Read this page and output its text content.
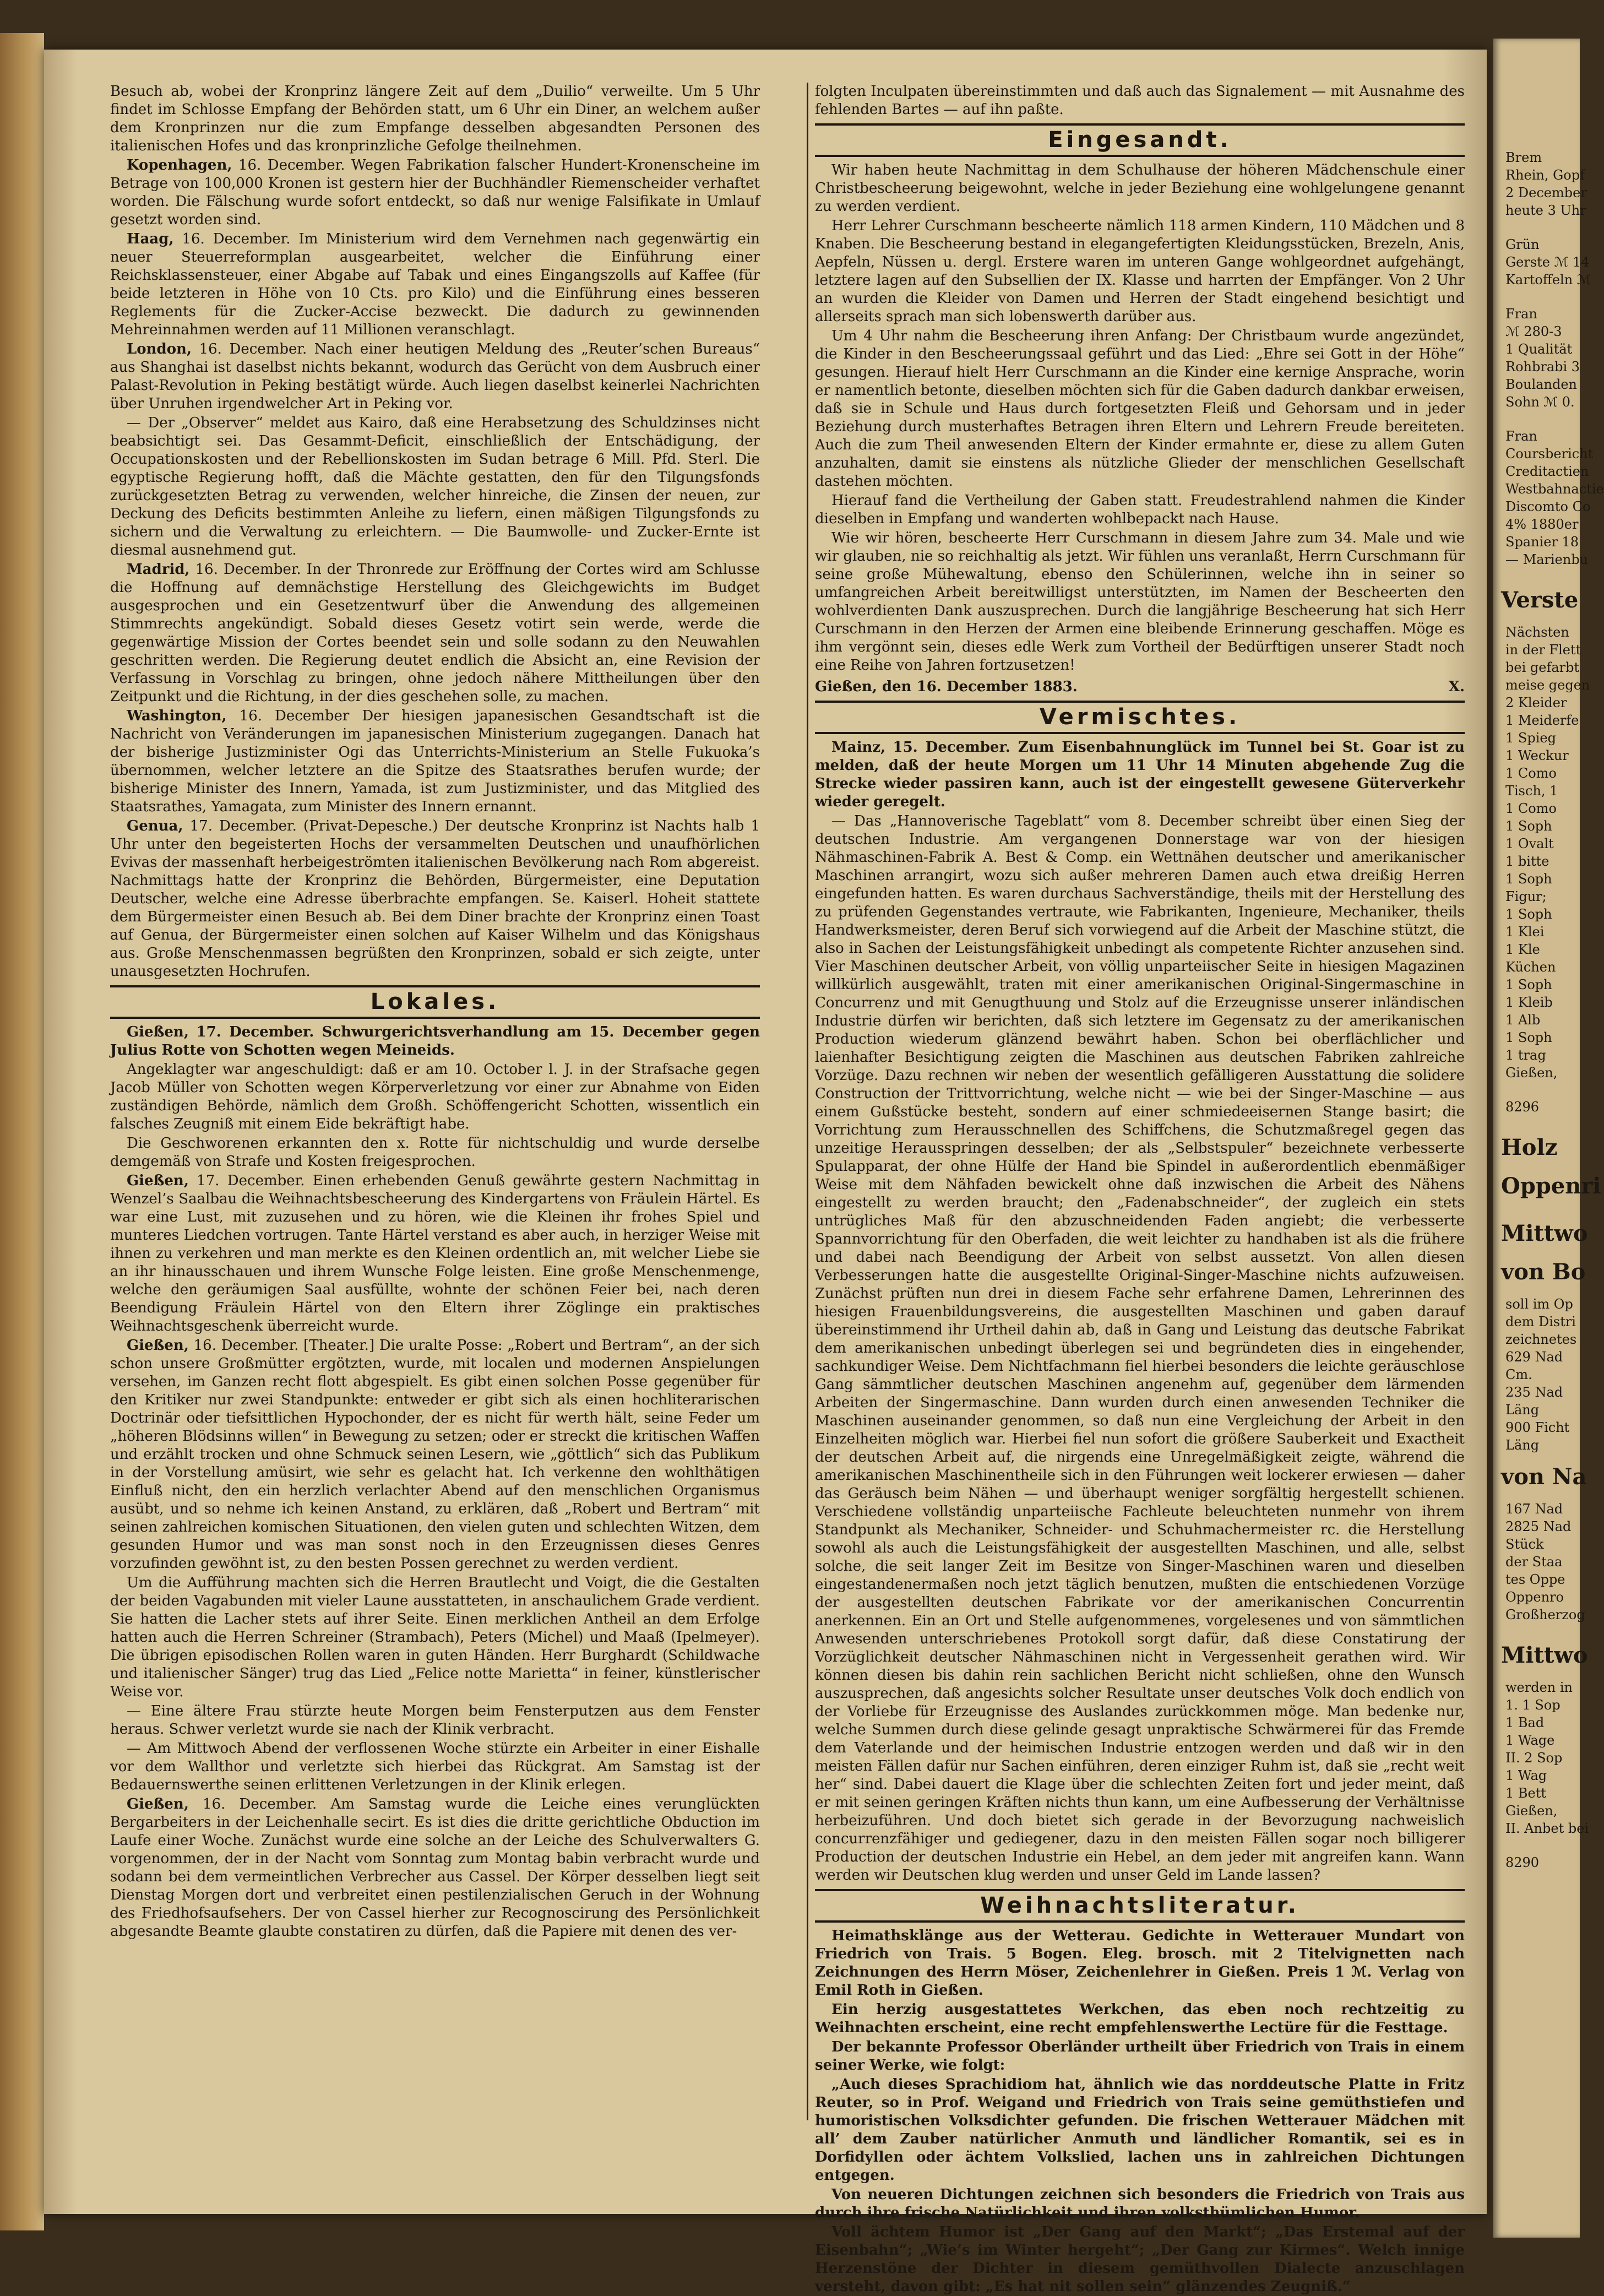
Besuch ab, wobei der Kronprinz längere Zeit auf dem „Duilio“ verweilte. Um 5 Uhr findet im Schlosse Empfang der Behörden statt, um 6 Uhr ein Diner, an welchem außer dem Kronprinzen nur die zum Empfange desselben abgesandten Personen des italienischen Hofes und das kronprinzliche Gefolge theilnehmen.

Kopenhagen, 16. December. Wegen Fabrikation falscher Hundert-Kronenscheine im Betrage von 100,000 Kronen ist gestern hier der Buchhändler Riemenscheider verhaftet worden. Die Fälschung wurde sofort entdeckt, so daß nur wenige Falsifikate in Umlauf gesetzt worden sind.

Haag, 16. December. Im Ministerium wird dem Vernehmen nach gegenwärtig ein neuer Steuerreformplan ausgearbeitet, welcher die Einführung einer Reichsklassensteuer, einer Abgabe auf Tabak und eines Eingangszolls auf Kaffee (für beide letzteren in Höhe von 10 Cts. pro Kilo) und die Einführung eines besseren Reglements für die Zucker-Accise bezweckt. Die dadurch zu gewinnenden Mehreinnahmen werden auf 11 Millionen veranschlagt.

London, 16. December. Nach einer heutigen Meldung des „Reuter’schen Bureaus“ aus Shanghai ist daselbst nichts bekannt, wodurch das Gerücht von dem Ausbruch einer Palast-Revolution in Peking bestätigt würde. Auch liegen daselbst keinerlei Nachrichten über Unruhen irgendwelcher Art in Peking vor.

— Der „Observer“ meldet aus Kairo, daß eine Herabsetzung des Schuldzinses nicht beabsichtigt sei. Das Gesammt-Deficit, einschließlich der Entschädigung, der Occupationskosten und der Rebellionskosten im Sudan betrage 6 Mill. Pfd. Sterl. Die egyptische Regierung hofft, daß die Mächte gestatten, den für den Tilgungsfonds zurückgesetzten Betrag zu verwenden, welcher hinreiche, die Zinsen der neuen, zur Deckung des Deficits bestimmten Anleihe zu liefern, einen mäßigen Tilgungsfonds zu sichern und die Verwaltung zu erleichtern. — Die Baumwolle- und Zucker-Ernte ist diesmal ausnehmend gut.

Madrid, 16. December. In der Thronrede zur Eröffnung der Cortes wird am Schlusse die Hoffnung auf demnächstige Herstellung des Gleichgewichts im Budget ausgesprochen und ein Gesetzentwurf über die Anwendung des allgemeinen Stimmrechts angekündigt. Sobald dieses Gesetz votirt sein werde, werde die gegenwärtige Mission der Cortes beendet sein und solle sodann zu den Neuwahlen geschritten werden. Die Regierung deutet endlich die Absicht an, eine Revision der Verfassung in Vorschlag zu bringen, ohne jedoch nähere Mittheilungen über den Zeitpunkt und die Richtung, in der dies geschehen solle, zu machen.

Washington, 16. December Der hiesigen japanesischen Gesandtschaft ist die Nachricht von Veränderungen im japanesischen Ministerium zugegangen. Danach hat der bisherige Justizminister Ogi das Unterrichts-Ministerium an Stelle Fukuoka’s übernommen, welcher letztere an die Spitze des Staatsrathes berufen wurde; der bisherige Minister des Innern, Yamada, ist zum Justizminister, und das Mitglied des Staatsrathes, Yamagata, zum Minister des Innern ernannt.

Genua, 17. December. (Privat-Depesche.) Der deutsche Kronprinz ist Nachts halb 1 Uhr unter den begeisterten Hochs der versammelten Deutschen und unaufhörlichen Evivas der massenhaft herbeigeströmten italienischen Bevölkerung nach Rom abgereist. Nachmittags hatte der Kronprinz die Behörden, Bürgermeister, eine Deputation Deutscher, welche eine Adresse überbrachte empfangen. Se. Kaiserl. Hoheit stattete dem Bürgermeister einen Besuch ab. Bei dem Diner brachte der Kronprinz einen Toast auf Genua, der Bürgermeister einen solchen auf Kaiser Wilhelm und das Königshaus aus. Große Menschenmassen begrüßten den Kronprinzen, sobald er sich zeigte, unter unausgesetzten Hochrufen.

Lokales.

Gießen, 17. December. Schwurgerichtsverhandlung am 15. December gegen Julius Rotte von Schotten wegen Meineids.

Angeklagter war angeschuldigt: daß er am 10. October l. J. in der Strafsache gegen Jacob Müller von Schotten wegen Körperverletzung vor einer zur Abnahme von Eiden zuständigen Behörde, nämlich dem Großh. Schöffengericht Schotten, wissentlich ein falsches Zeugniß mit einem Eide bekräftigt habe.

Die Geschworenen erkannten den x. Rotte für nichtschuldig und wurde derselbe demgemäß von Strafe und Kosten freigesprochen.

Gießen, 17. December. Einen erhebenden Genuß gewährte gestern Nachmittag in Wenzel’s Saalbau die Weihnachtsbescheerung des Kindergartens von Fräulein Härtel. Es war eine Lust, mit zuzusehen und zu hören, wie die Kleinen ihr frohes Spiel und munteres Liedchen vortrugen. Tante Härtel verstand es aber auch, in herziger Weise mit ihnen zu verkehren und man merkte es den Kleinen ordentlich an, mit welcher Liebe sie an ihr hinausschauen und ihrem Wunsche Folge leisten. Eine große Menschenmenge, welche den geräumigen Saal ausfüllte, wohnte der schönen Feier bei, nach deren Beendigung Fräulein Härtel von den Eltern ihrer Zöglinge ein praktisches Weihnachtsgeschenk überreicht wurde.

Gießen, 16. December. [Theater.] Die uralte Posse: „Robert und Bertram“, an der sich schon unsere Großmütter ergötzten, wurde, mit localen und modernen Anspielungen versehen, im Ganzen recht flott abgespielt. Es gibt einen solchen Posse gegenüber für den Kritiker nur zwei Standpunkte: entweder er gibt sich als einen hochliterarischen Doctrinär oder tiefsittlichen Hypochonder, der es nicht für werth hält, seine Feder um „höheren Blödsinns willen“ in Bewegung zu setzen; oder er streckt die kritischen Waffen und erzählt trocken und ohne Schmuck seinen Lesern, wie „göttlich“ sich das Publikum in der Vorstellung amüsirt, wie sehr es gelacht hat. Ich verkenne den wohlthätigen Einfluß nicht, den ein herzlich verlachter Abend auf den menschlichen Organismus ausübt, und so nehme ich keinen Anstand, zu erklären, daß „Robert und Bertram“ mit seinen zahlreichen komischen Situationen, den vielen guten und schlechten Witzen, dem gesunden Humor und was man sonst noch in den Erzeugnissen dieses Genres vorzufinden gewöhnt ist, zu den besten Possen gerechnet zu werden verdient.

Um die Aufführung machten sich die Herren Brautlecht und Voigt, die die Gestalten der beiden Vagabunden mit vieler Laune ausstatteten, in anschaulichem Grade verdient. Sie hatten die Lacher stets auf ihrer Seite. Einen merklichen Antheil an dem Erfolge hatten auch die Herren Schreiner (Strambach), Peters (Michel) und Maaß (Ipelmeyer). Die übrigen episodischen Rollen waren in guten Händen. Herr Burghardt (Schildwache und italienischer Sänger) trug das Lied „Felice notte Marietta“ in feiner, künstlerischer Weise vor.

— Eine ältere Frau stürzte heute Morgen beim Fensterputzen aus dem Fenster heraus. Schwer verletzt wurde sie nach der Klinik verbracht.

— Am Mittwoch Abend der verflossenen Woche stürzte ein Arbeiter in einer Eishalle vor dem Wallthor und verletzte sich hierbei das Rückgrat. Am Samstag ist der Bedauernswerthe seinen erlittenen Verletzungen in der Klinik erlegen.

Gießen, 16. December. Am Samstag wurde die Leiche eines verunglückten Bergarbeiters in der Leichenhalle secirt. Es ist dies die dritte gerichtliche Obduction im Laufe einer Woche. Zunächst wurde eine solche an der Leiche des Schulverwalters G. vorgenommen, der in der Nacht vom Sonntag zum Montag babin verbracht wurde und sodann bei dem vermeintlichen Verbrecher aus Cassel. Der Körper desselben liegt seit Dienstag Morgen dort und verbreitet einen pestilenzialischen Geruch in der Wohnung des Friedhofsaufsehers. Der von Cassel hierher zur Recognoscirung des Persönlichkeit abgesandte Beamte glaubte constatiren zu dürfen, daß die Papiere mit denen des ver-

folgten Inculpaten übereinstimmten und daß auch das Signalement — mit Ausnahme des fehlenden Bartes — auf ihn paßte.

Eingesandt.

Wir haben heute Nachmittag in dem Schulhause der höheren Mädchenschule einer Christbescheerung beigewohnt, welche in jeder Beziehung eine wohlgelungene genannt zu werden verdient.

Herr Lehrer Curschmann bescheerte nämlich 118 armen Kindern, 110 Mädchen und 8 Knaben. Die Bescheerung bestand in elegangefertigten Kleidungsstücken, Brezeln, Anis, Aepfeln, Nüssen u. dergl. Erstere waren im unteren Gange wohlgeordnet aufgehängt, letztere lagen auf den Subsellien der IX. Klasse und harrten der Empfänger. Von 2 Uhr an wurden die Kleider von Damen und Herren der Stadt eingehend besichtigt und allerseits sprach man sich lobenswerth darüber aus.

Um 4 Uhr nahm die Bescheerung ihren Anfang: Der Christbaum wurde angezündet, die Kinder in den Bescheerungssaal geführt und das Lied: „Ehre sei Gott in der Höhe“ gesungen. Hierauf hielt Herr Curschmann an die Kinder eine kernige Ansprache, worin er namentlich betonte, dieselben möchten sich für die Gaben dadurch dankbar erweisen, daß sie in Schule und Haus durch fortgesetzten Fleiß und Gehorsam und in jeder Beziehung durch musterhaftes Betragen ihren Eltern und Lehrern Freude bereiteten. Auch die zum Theil anwesenden Eltern der Kinder ermahnte er, diese zu allem Guten anzuhalten, damit sie einstens als nützliche Glieder der menschlichen Gesellschaft dastehen möchten.

Hierauf fand die Vertheilung der Gaben statt. Freudestrahlend nahmen die Kinder dieselben in Empfang und wanderten wohlbepackt nach Hause.

Wie wir hören, bescheerte Herr Curschmann in diesem Jahre zum 34. Male und wie wir glauben, nie so reichhaltig als jetzt. Wir fühlen uns veranlaßt, Herrn Curschmann für seine große Mühewaltung, ebenso den Schülerinnen, welche ihn in seiner so umfangreichen Arbeit bereitwilligst unterstützten, im Namen der Bescheerten den wohlverdienten Dank auszusprechen. Durch die langjährige Bescheerung hat sich Herr Curschmann in den Herzen der Armen eine bleibende Erinnerung geschaffen. Möge es ihm vergönnt sein, dieses edle Werk zum Vortheil der Bedürftigen unserer Stadt noch eine Reihe von Jahren fortzusetzen!

Gießen, den 16. December 1883.	X.
Vermischtes.

Mainz, 15. December. Zum Eisenbahnunglück im Tunnel bei St. Goar ist zu melden, daß der heute Morgen um 11 Uhr 14 Minuten abgehende Zug die Strecke wieder passiren kann, auch ist der eingestellt gewesene Güterverkehr wieder geregelt.

— Das „Hannoverische Tageblatt“ vom 8. December schreibt über einen Sieg der deutschen Industrie. Am vergangenen Donnerstage war von der hiesigen Nähmaschinen-Fabrik A. Best & Comp. ein Wettnähen deutscher und amerikanischer Maschinen arrangirt, wozu sich außer mehreren Damen auch etwa dreißig Herren eingefunden hatten. Es waren durchaus Sachverständige, theils mit der Herstellung des zu prüfenden Gegenstandes vertraute, wie Fabrikanten, Ingenieure, Mechaniker, theils Handwerksmeister, deren Beruf sich vorwiegend auf die Arbeit der Maschine stützt, die also in Sachen der Leistungsfähigkeit unbedingt als competente Richter anzusehen sind. Vier Maschinen deutscher Arbeit, von völlig unparteiischer Seite in hiesigen Magazinen willkürlich ausgewählt, traten mit einer amerikanischen Original-Singermaschine in Concurrenz und mit Genugthuung und Stolz auf die Erzeugnisse unserer inländischen Industrie dürfen wir berichten, daß sich letztere im Gegensatz zu der amerikanischen Production wiederum glänzend bewährt haben. Schon bei oberflächlicher und laienhafter Besichtigung zeigten die Maschinen aus deutschen Fabriken zahlreiche Vorzüge. Dazu rechnen wir neben der wesentlich gefälligeren Ausstattung die solidere Construction der Trittvorrichtung, welche nicht — wie bei der Singer-Maschine — aus einem Gußstücke besteht, sondern auf einer schmiedeeisernen Stange basirt; die Vorrichtung zum Herausschnellen des Schiffchens, die Schutzmaßregel gegen das unzeitige Herausspringen desselben; der als „Selbstspuler“ bezeichnete verbesserte Spulapparat, der ohne Hülfe der Hand bie Spindel in außerordentlich ebenmäßiger Weise mit dem Nähfaden bewickelt ohne daß inzwischen die Arbeit des Nähens eingestellt zu werden braucht; den „Fadenabschneider“, der zugleich ein stets untrügliches Maß für den abzuschneidenden Faden angiebt; die verbesserte Spannvorrichtung für den Oberfaden, die weit leichter zu handhaben ist als die frühere und dabei nach Beendigung der Arbeit von selbst aussetzt. Von allen diesen Verbesserungen hatte die ausgestellte Original-Singer-Maschine nichts aufzuweisen. Zunächst prüften nun drei in diesem Fache sehr erfahrene Damen, Lehrerinnen des hiesigen Frauenbildungsvereins, die ausgestellten Maschinen und gaben darauf übereinstimmend ihr Urtheil dahin ab, daß in Gang und Leistung das deutsche Fabrikat dem amerikanischen unbedingt überlegen sei und begründeten dies in eingehender, sachkundiger Weise. Dem Nichtfachmann fiel hierbei besonders die leichte geräuschlose Gang sämmtlicher deutschen Maschinen angenehm auf, gegenüber dem lärmenden Arbeiten der Singermaschine. Dann wurden durch einen anwesenden Techniker die Maschinen auseinander genommen, so daß nun eine Vergleichung der Arbeit in den Einzelheiten möglich war. Hierbei fiel nun sofort die größere Sauberkeit und Exactheit der deutschen Arbeit auf, die nirgends eine Unregelmäßigkeit zeigte, während die amerikanischen Maschinentheile sich in den Führungen weit lockerer erwiesen — daher das Geräusch beim Nähen — und überhaupt weniger sorgfältig hergestellt schienen. Verschiedene vollständig unparteiische Fachleute beleuchteten nunmehr von ihrem Standpunkt als Mechaniker, Schneider- und Schuhmachermeister rc. die Herstellung sowohl als auch die Leistungsfähigkeit der ausgestellten Maschinen, und alle, selbst solche, die seit langer Zeit im Besitze von Singer-Maschinen waren und dieselben eingestandenermaßen noch jetzt täglich benutzen, mußten die entschiedenen Vorzüge der ausgestellten deutschen Fabrikate vor der amerikanischen Concurrentin anerkennen. Ein an Ort und Stelle aufgenommenes, vorgelesenes und von sämmtlichen Anwesenden unterschriebenes Protokoll sorgt dafür, daß diese Constatirung der Vorzüglichkeit deutscher Nähmaschinen nicht in Vergessenheit gerathen wird. Wir können diesen bis dahin rein sachlichen Bericht nicht schließen, ohne den Wunsch auszusprechen, daß angesichts solcher Resultate unser deutsches Volk doch endlich von der Vorliebe für Erzeugnisse des Auslandes zurückkommen möge. Man bedenke nur, welche Summen durch diese gelinde gesagt unpraktische Schwärmerei für das Fremde dem Vaterlande und der heimischen Industrie entzogen werden und daß wir in den meisten Fällen dafür nur Sachen einführen, deren einziger Ruhm ist, daß sie „recht weit her“ sind. Dabei dauert die Klage über die schlechten Zeiten fort und jeder meint, daß er mit seinen geringen Kräften nichts thun kann, um eine Aufbesserung der Verhältnisse herbeizuführen. Und doch bietet sich gerade in der Bevorzugung nachweislich concurrenzfähiger und gediegener, dazu in den meisten Fällen sogar noch billigerer Production der deutschen Industrie ein Hebel, an dem jeder mit angreifen kann. Wann werden wir Deutschen klug werden und unser Geld im Lande lassen?

Weihnachtsliteratur.

Heimathsklänge aus der Wetterau. Gedichte in Wetterauer Mundart von Friedrich von Trais. 5 Bogen. Eleg. brosch. mit 2 Titelvignetten nach Zeichnungen des Herrn Möser, Zeichenlehrer in Gießen. Preis 1 ℳ. Verlag von Emil Roth in Gießen.

Ein herzig ausgestattetes Werkchen, das eben noch rechtzeitig zu Weihnachten erscheint, eine recht empfehlenswerthe Lectüre für die Festtage.

Der bekannte Professor Oberländer urtheilt über Friedrich von Trais in einem seiner Werke, wie folgt:

„Auch dieses Sprachidiom hat, ähnlich wie das norddeutsche Platte in Fritz Reuter, so in Prof. Weigand und Friedrich von Trais seine gemüthstiefen und humoristischen Volksdichter gefunden. Die frischen Wetterauer Mädchen mit all’ dem Zauber natürlicher Anmuth und ländlicher Romantik, sei es in Dorfidyllen oder ächtem Volkslied, lachen uns in zahlreichen Dichtungen entgegen.

Von neueren Dichtungen zeichnen sich besonders die Friedrich von Trais aus durch ihre frische Natürlichkeit und ihren volksthümlichen Humor.

Voll ächtem Humor ist „Der Gang auf den Markt“; „Das Erstemal auf der Eisenbahn“; „Wie’s im Winter hergeht“; „Der Gang zur Kirmes“. Welch innige Herzenstöne der Dichter in diesem gemüthvollen Dialecte anzuschlagen versteht, davon gibt: „Es hat nit sollen sein“ glänzendes Zeugniß.“

Brem
Rhein, Gopf
2 December
heute 3 Uhr
Grün
Gerste ℳ 14
Kartoffeln ℳ
Fran
ℳ 280-3
1 Qualität
Rohbrabi 3
Boulanden
Sohn ℳ 0.
Fran
Coursbericht
Creditactien
Westbahnactie
Discomto Co
4% 1880er
Spanier 18
— Marienbu
Verste
Nächsten
in der Flett
bei gefarbt
meise gegen
2 Kleider
1 Meiderfe
1 Spieg
1 Weckur
1 Como
Tisch, 1
1 Como
1 Soph
1 Ovalt
1 bitte
1 Soph
Figur;
1 Soph
1 Klei
1 Kle
Küchen
1 Soph
1 Kleib
1 Alb
1 Soph
1 trag
Gießen,
8296
Holz
Oppenri
Mittwo
von Bo
soll im Op
dem Distri
zeichnetes
629 Nad
Cm.
235 Nad
Läng
900 Ficht
Läng
von Na
167 Nad
2825 Nad
Stück
der Staa
tes Oppe
Oppenro
Großherzog
Mittwo
werden in
1. 1 Sop
1 Bad
1 Wage
II. 2 Sop
1 Wag
1 Bett
Gießen,
II. Anbet bei
8290
